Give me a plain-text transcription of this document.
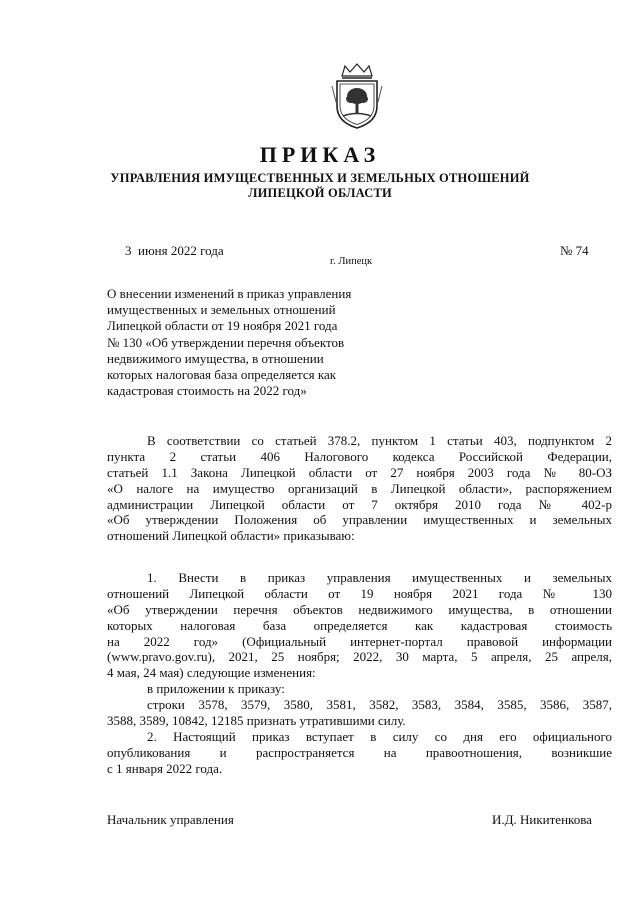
ПРИКАЗ
УПРАВЛЕНИЯ ИМУЩЕСТВЕННЫХ И ЗЕМЕЛЬНЫХ ОТНОШЕНИЙ
ЛИПЕЦКОЙ ОБЛАСТИ
3  июня 2022 года	№ 74
г. Липецк
О внесении изменений в приказ управления
имущественных и земельных отношений
Липецкой области от 19 ноября 2021 года
№ 130 «Об утверждении перечня объектов
недвижимого имущества, в отношении
которых налоговая база определяется как
кадастровая стоимость на 2022 год»
В соответствии со статьей 378.2, пунктом 1 статьи 403, подпунктом 2
пункта 2 статьи 406 Налогового кодекса Российской Федерации,
статьей 1.1 Закона Липецкой области от 27 ноября 2003 года № 80-ОЗ
«О налоге на имущество организаций в Липецкой области», распоряжением
администрации Липецкой области от 7 октября 2010 года № 402-р
«Об утверждении Положения об управлении имущественных и земельных
отношений Липецкой области» приказываю:
1. Внести в приказ управления имущественных и земельных
отношений Липецкой области от 19 ноября 2021 года № 130
«Об утверждении перечня объектов недвижимого имущества, в отношении
которых налоговая база определяется как кадастровая стоимость
на 2022 год» (Официальный интернет-портал правовой информации
(www.pravo.gov.ru), 2021, 25 ноября; 2022, 30 марта, 5 апреля, 25 апреля,
4 мая, 24 мая) следующие изменения:
в приложении к приказу:
строки 3578, 3579, 3580, 3581, 3582, 3583, 3584, 3585, 3586, 3587,
3588, 3589, 10842, 12185 признать утратившими силу.
2. Настоящий приказ вступает в силу со дня его официального
опубликования и распространяется на правоотношения, возникшие
с 1 января 2022 года.
Начальник управления	И.Д. Никитенкова
